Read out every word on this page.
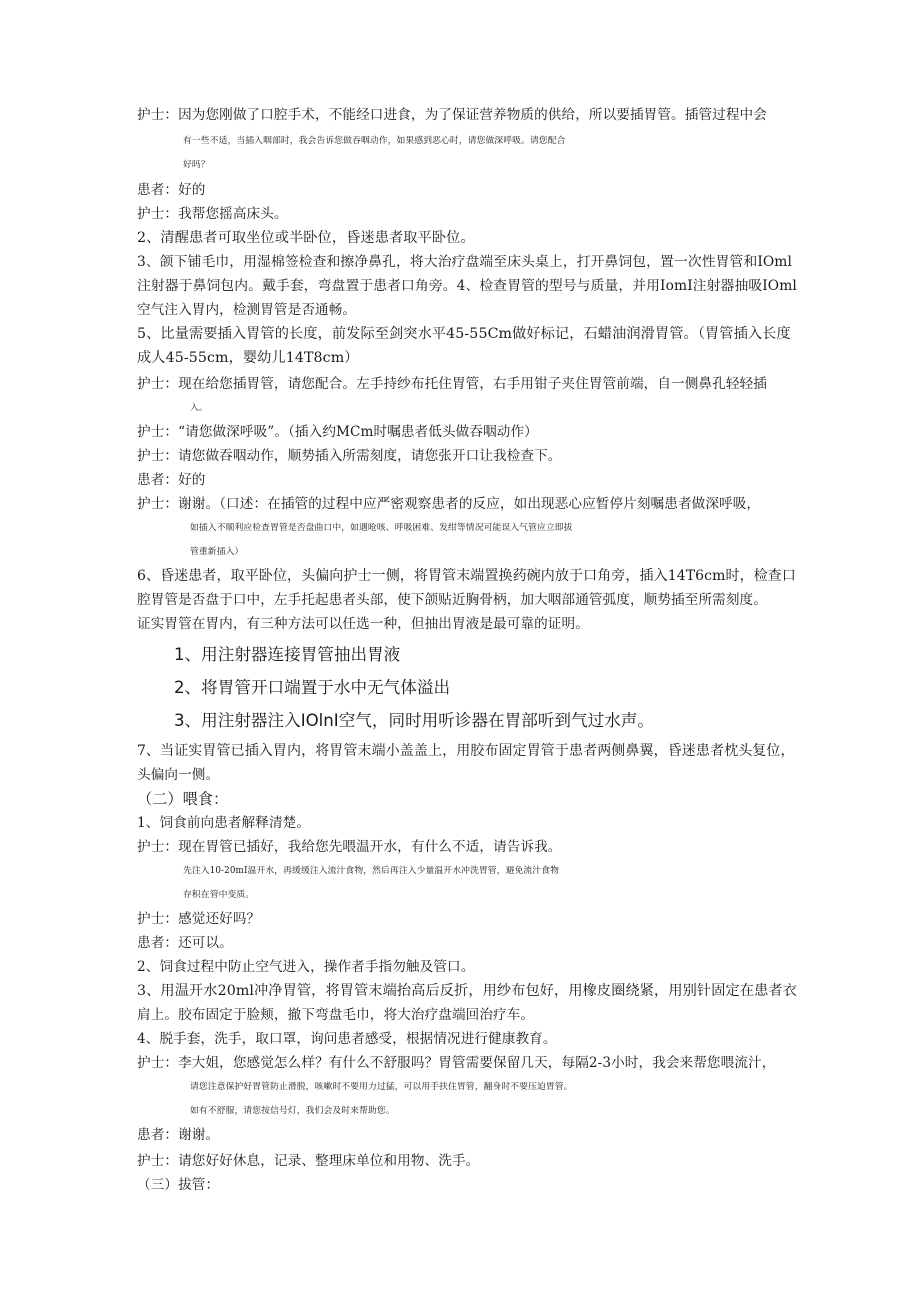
护士：因为您刚做了口腔手术，不能经口进食，为了保证营养物质的供给，所以要插胃管。插管过程中会
有一些不适，当插入咽部时，我会告诉您做吞咽动作，如果感到恶心时，请您做深呼吸。请您配合
好吗？
患者：好的
护士：我帮您摇高床头。
2、清醒患者可取坐位或半卧位，昏迷患者取平卧位。
3、颌下铺毛巾，用湿棉签检查和擦净鼻孔，将大治疗盘端至床头桌上，打开鼻饲包，置一次性胃管和IOml
注射器于鼻饲包内。戴手套，弯盘置于患者口角旁。4、检查胃管的型号与质量，并用IomI注射器抽吸IOml
空气注入胃内，检测胃管是否通畅。
5、比量需要插入胃管的长度，前发际至剑突水平45-55Cm做好标记，石蜡油润滑胃管。（胃管插入长度
成人45-55cm，婴幼儿14T8cm）
护士：现在给您插胃管，请您配合。左手持纱布托住胃管，右手用钳子夹住胃管前端，自一侧鼻孔轻轻插
入。
护士：“请您做深呼吸”。（插入约MCm时嘱患者低头做吞咽动作）
护士：请您做吞咽动作，顺势插入所需刻度，请您张开口让我检查下。
患者：好的
护士：谢谢。（口述：在插管的过程中应严密观察患者的反应，如出现恶心应暂停片刻嘱患者做深呼吸，
如插入不顺利应检查胃管是否盘曲口中，如遇呛咳、呼吸困难、发绀等情况可能误入气管应立即拔
管重新插入）
6、昏迷患者，取平卧位，头偏向护士一侧，将胃管末端置换药碗内放于口角旁，插入14T6cm时，检查口
腔胃管是否盘于口中，左手托起患者头部，使下颌贴近胸骨柄，加大咽部通管弧度，顺势插至所需刻度。
证实胃管在胃内，有三种方法可以任选一种，但抽出胃液是最可靠的证明。
1、用注射器连接胃管抽出胃液
2、将胃管开口端置于水中无气体溢出
3、用注射器注入IOlnI空气，同时用听诊器在胃部听到气过水声。
7、当证实胃管已插入胃内，将胃管末端小盖盖上，用胶布固定胃管于患者两侧鼻翼，昏迷患者枕头复位，
头偏向一侧。
（二）喂食：
1、饲食前向患者解释清楚。
护士：现在胃管已插好，我给您先喂温开水，有什么不适，请告诉我。
先注入10-20mI温开水，再缓缓注入流汁食物，然后再注入少量温开水冲洗胃管，避免流汁食物
存积在管中变质。
护士：感觉还好吗？
患者：还可以。
2、饲食过程中防止空气进入，操作者手指勿触及管口。
3、用温开水20ml冲净胃管，将胃管末端抬高后反折，用纱布包好，用橡皮圈绕紧，用别针固定在患者衣
肩上。胶布固定于脸颊，撤下弯盘毛巾，将大治疗盘端回治疗车。
4、脱手套，洗手，取口罩，询问患者感受，根据情况进行健康教育。
护士：李大姐，您感觉怎么样？有什么不舒服吗？胃管需要保留几天，每隔2-3小时，我会来帮您喂流汁，
请您注意保护好胃管防止滑脱，咳嗽时不要用力过猛，可以用手扶住胃管，翻身时不要压迫胃管。
如有不舒服，请您按信号灯，我们会及时来帮助您。
患者：谢谢。
护士：请您好好休息，记录、整理床单位和用物、洗手。
（三）拔管：
